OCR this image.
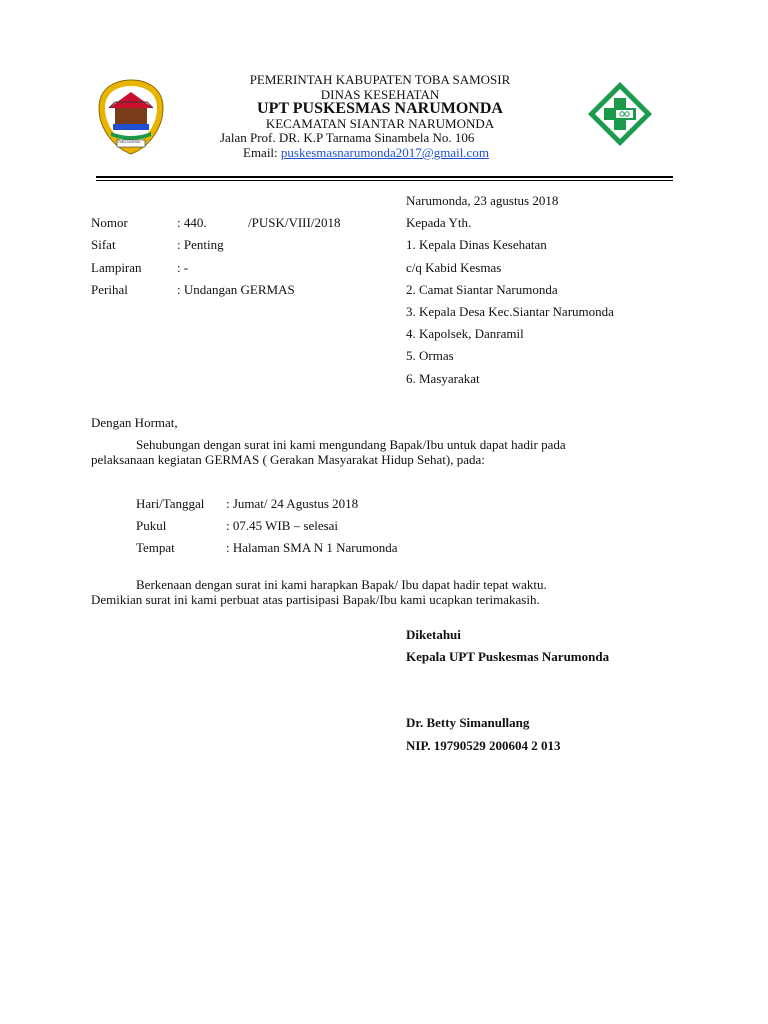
TOBA SAMOSIR
PEMERINTAH KABUPATEN TOBA SAMOSIR
DINAS KESEHATAN
UPT PUSKESMAS NARUMONDA
KECAMATAN SIANTAR NARUMONDA
Jalan Prof. DR. K.P Tarnama Sinambela No. 106
Email: puskesmasnarumonda2017@gmail.com
Narumonda, 23 agustus 2018
Nomor	: 440.	/PUSK/VIII/2018
Sifat	: Penting
Lampiran	: -
Perihal	: Undangan GERMAS
Kepada Yth.
1. Kepala Dinas Kesehatan
c/q Kabid Kesmas
2. Camat Siantar Narumonda
3. Kepala Desa Kec.Siantar Narumonda
4. Kapolsek, Danramil
5. Ormas
6. Masyarakat
Dengan Hormat,
Sehubungan dengan surat ini kami mengundang Bapak/Ibu untuk dapat hadir pada
pelaksanaan kegiatan GERMAS ( Gerakan Masyarakat Hidup Sehat), pada:
Hari/Tanggal : Jumat/ 24 Agustus 2018
Pukul	: 07.45 WIB – selesai
Tempat	: Halaman SMA N 1 Narumonda
Berkenaan dengan surat ini kami harapkan Bapak/ Ibu dapat hadir tepat waktu.
Demikian surat ini kami perbuat atas partisipasi Bapak/Ibu kami ucapkan terimakasih.
Diketahui
Kepala UPT Puskesmas Narumonda
Dr. Betty Simanullang
NIP. 19790529 200604 2 013
